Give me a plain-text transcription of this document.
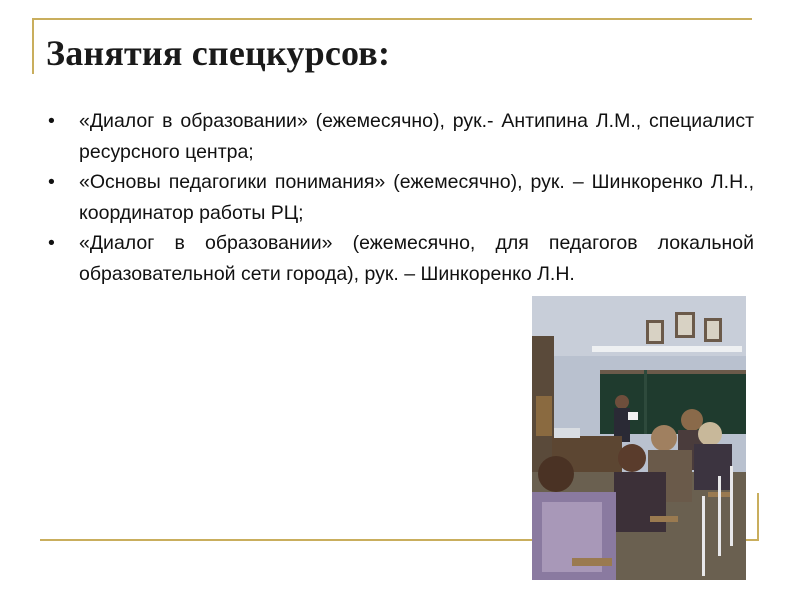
Занятия спецкурсов:
• «Диалог в образовании» (ежемесячно), рук.- Антипина Л.М., специалист ресурсного центра;
• «Основы педагогики понимания» (ежемесячно), рук. – Шинкоренко Л.Н., координатор работы РЦ;
• «Диалог в образовании» (ежемесячно, для педагогов локальной образовательной сети города), рук. – Шинкоренко Л.Н.
